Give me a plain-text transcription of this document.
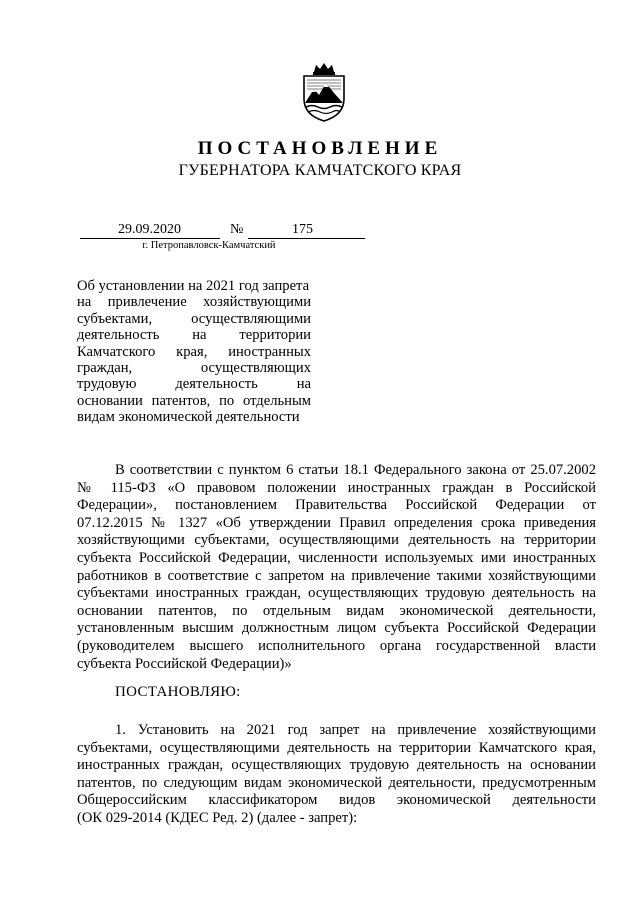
ПОСТАНОВЛЕНИЕ
ГУБЕРНАТОРА КАМЧАТСКОГО КРАЯ
29.09.2020	№	175
г. Петропавловск-Камчатский
Об установлении на 2021 год запрета
на привлечение хозяйствующими
субъектами, осуществляющими
деятельность на территории
Камчатского края, иностранных
граждан, осуществляющих
трудовую деятельность на
основании патентов, по отдельным
видам экономической деятельности
В соответствии с пунктом 6 статьи 18.1 Федерального закона от 25.07.2002
№ 115-ФЗ «О правовом положении иностранных граждан в Российской
Федерации», постановлением Правительства Российской Федерации от
07.12.2015 № 1327 «Об утверждении Правил определения срока приведения
хозяйствующими субъектами, осуществляющими деятельность на территории
субъекта Российской Федерации, численности используемых ими иностранных
работников в соответствие с запретом на привлечение такими хозяйствующими
субъектами иностранных граждан, осуществляющих трудовую деятельность на
основании патентов, по отдельным видам экономической деятельности,
установленным высшим должностным лицом субъекта Российской Федерации
(руководителем высшего исполнительного органа государственной власти
субъекта Российской Федерации)»
ПОСТАНОВЛЯЮ:
1. Установить на 2021 год запрет на привлечение хозяйствующими
субъектами, осуществляющими деятельность на территории Камчатского края,
иностранных граждан, осуществляющих трудовую деятельность на основании
патентов, по следующим видам экономической деятельности, предусмотренным
Общероссийским классификатором видов экономической деятельности
(ОК 029-2014 (КДЕС Ред. 2) (далее - запрет):
